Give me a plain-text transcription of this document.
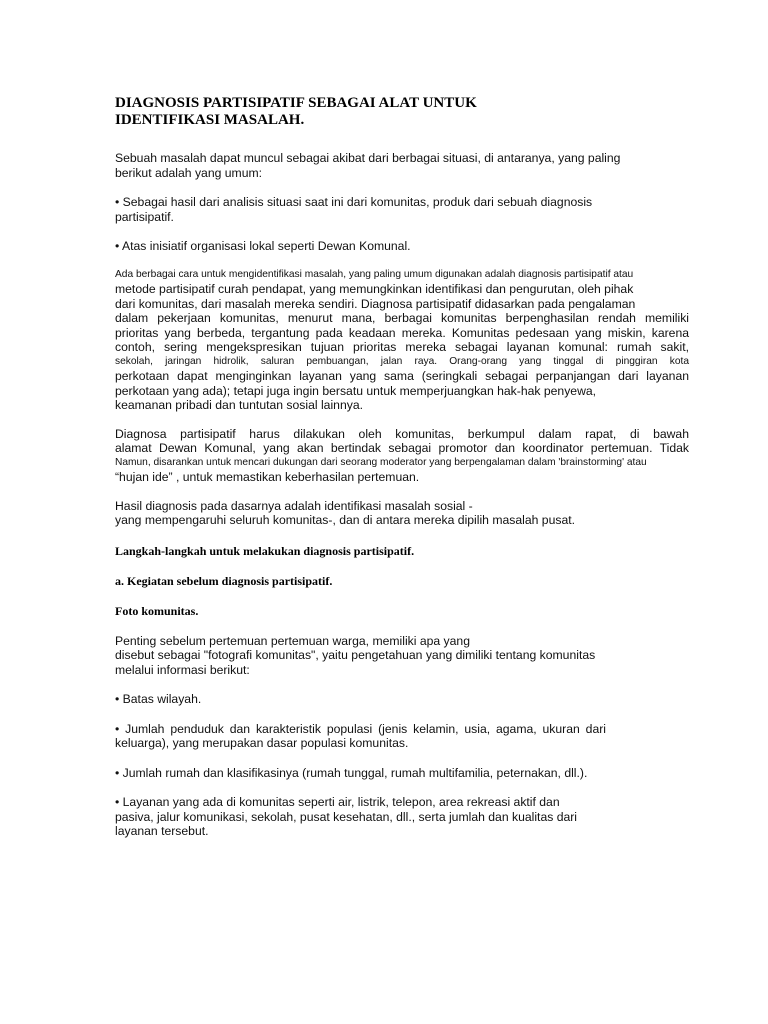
DIAGNOSIS PARTISIPATIF SEBAGAI ALAT UNTUK
IDENTIFIKASI MASALAH.

Sebuah masalah dapat muncul sebagai akibat dari berbagai situasi, di antaranya, yang paling
berikut adalah yang umum:

• Sebagai hasil dari analisis situasi saat ini dari komunitas, produk dari sebuah diagnosis
partisipatif.

• Atas inisiatif organisasi lokal seperti Dewan Komunal.

Ada berbagai cara untuk mengidentifikasi masalah, yang paling umum digunakan adalah diagnosis partisipatif atau
metode partisipatif curah pendapat, yang memungkinkan identifikasi dan pengurutan, oleh pihak
dari komunitas, dari masalah mereka sendiri. Diagnosa partisipatif didasarkan pada pengalaman
dalam pekerjaan komunitas, menurut mana, berbagai komunitas berpenghasilan rendah memiliki
prioritas yang berbeda, tergantung pada keadaan mereka. Komunitas pedesaan yang miskin, karena
contoh, sering mengekspresikan tujuan prioritas mereka sebagai layanan komunal: rumah sakit,
sekolah, jaringan hidrolik, saluran pembuangan, jalan raya. Orang-orang yang tinggal di pinggiran kota
perkotaan dapat menginginkan layanan yang sama (seringkali sebagai perpanjangan dari layanan
perkotaan yang ada); tetapi juga ingin bersatu untuk memperjuangkan hak-hak penyewa,
keamanan pribadi dan tuntutan sosial lainnya.

Diagnosa partisipatif harus dilakukan oleh komunitas, berkumpul dalam rapat, di bawah
alamat Dewan Komunal, yang akan bertindak sebagai promotor dan koordinator pertemuan. Tidak
Namun, disarankan untuk mencari dukungan dari seorang moderator yang berpengalaman dalam 'brainstorming' atau
“hujan ide” , untuk memastikan keberhasilan pertemuan.

Hasil diagnosis pada dasarnya adalah identifikasi masalah sosial -
yang mempengaruhi seluruh komunitas-, dan di antara mereka dipilih masalah pusat.

Langkah-langkah untuk melakukan diagnosis partisipatif.

a. Kegiatan sebelum diagnosis partisipatif.

Foto komunitas.

Penting sebelum pertemuan pertemuan warga, memiliki apa yang
disebut sebagai "fotografi komunitas", yaitu pengetahuan yang dimiliki tentang komunitas
melalui informasi berikut:

• Batas wilayah.

• Jumlah penduduk dan karakteristik populasi (jenis kelamin, usia, agama, ukuran dari
keluarga), yang merupakan dasar populasi komunitas.

• Jumlah rumah dan klasifikasinya (rumah tunggal, rumah multifamilia, peternakan, dll.).

• Layanan yang ada di komunitas seperti air, listrik, telepon, area rekreasi aktif dan
pasiva, jalur komunikasi, sekolah, pusat kesehatan, dll., serta jumlah dan kualitas dari
layanan tersebut.
